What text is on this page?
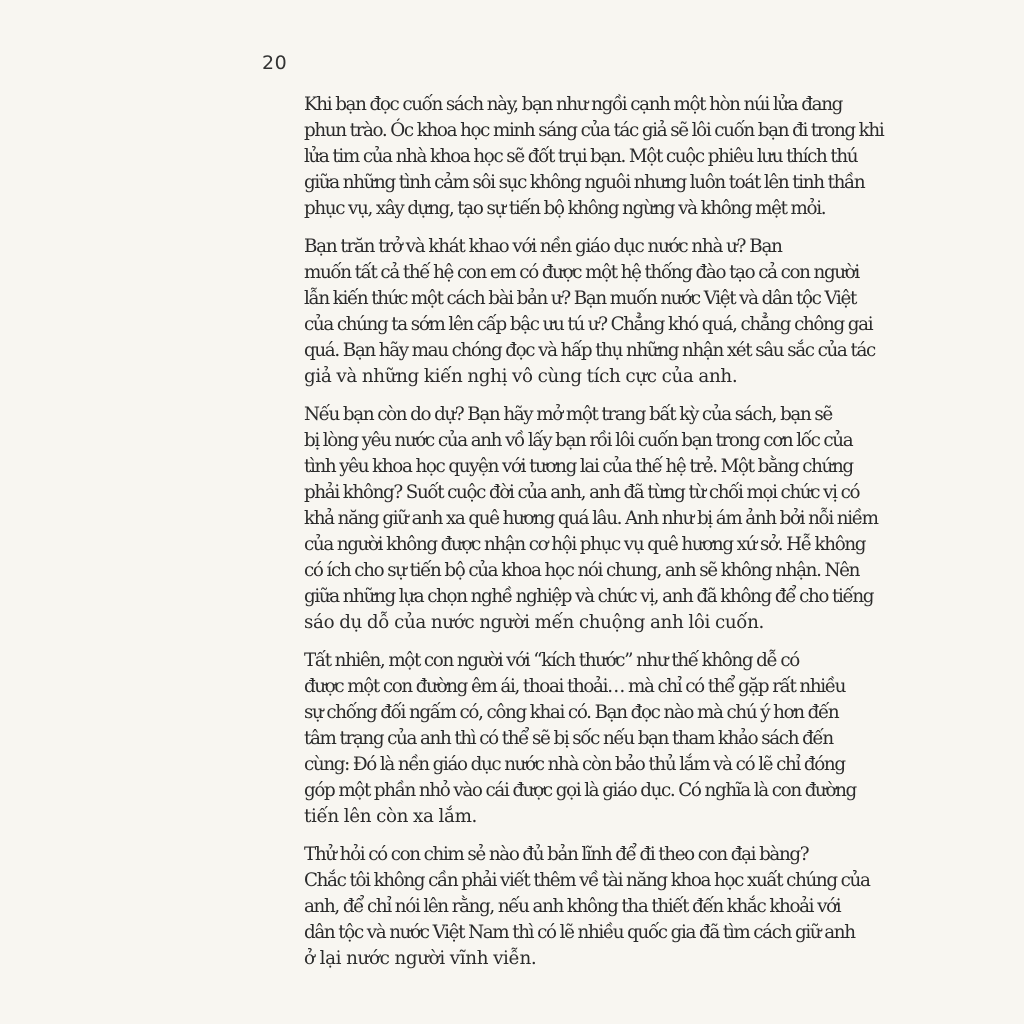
20

Khi bạn đọc cuốn sách này, bạn như ngồi cạnh một hòn núi lửa đang
phun trào. Óc khoa học minh sáng của tác giả sẽ lôi cuốn bạn đi trong khi
lửa tim của nhà khoa học sẽ đốt trụi bạn. Một cuộc phiêu lưu thích thú
giữa những tình cảm sôi sục không nguôi nhưng luôn toát lên tinh thần
phục vụ, xây dựng, tạo sự tiến bộ không ngừng và không mệt mỏi.

Bạn trăn trở và khát khao với nền giáo dục nước nhà ư? Bạn
muốn tất cả thế hệ con em có được một hệ thống đào tạo cả con người
lẫn kiến thức một cách bài bản ư? Bạn muốn nước Việt và dân tộc Việt
của chúng ta sớm lên cấp bậc ưu tú ư? Chẳng khó quá, chẳng chông gai
quá. Bạn hãy mau chóng đọc và hấp thụ những nhận xét sâu sắc của tác
giả và những kiến nghị vô cùng tích cực của anh.

Nếu bạn còn do dự? Bạn hãy mở một trang bất kỳ của sách, bạn sẽ
bị lòng yêu nước của anh vồ lấy bạn rồi lôi cuốn bạn trong cơn lốc của
tình yêu khoa học quyện với tương lai của thế hệ trẻ. Một bằng chứng
phải không? Suốt cuộc đời của anh, anh đã từng từ chối mọi chức vị có
khả năng giữ anh xa quê hương quá lâu. Anh như bị ám ảnh bởi nỗi niềm
của người không được nhận cơ hội phục vụ quê hương xứ sở. Hễ không
có ích cho sự tiến bộ của khoa học nói chung, anh sẽ không nhận. Nên
giữa những lựa chọn nghề nghiệp và chức vị, anh đã không để cho tiếng
sáo dụ dỗ của nước người mến chuộng anh lôi cuốn.

Tất nhiên, một con người với “kích thước” như thế không dễ có
được một con đường êm ái, thoai thoải… mà chỉ có thể gặp rất nhiều
sự chống đối ngấm có, công khai có. Bạn đọc nào mà chú ý hơn đến
tâm trạng của anh thì có thể sẽ bị sốc nếu bạn tham khảo sách đến
cùng: Đó là nền giáo dục nước nhà còn bảo thủ lắm và có lẽ chỉ đóng
góp một phần nhỏ vào cái được gọi là giáo dục. Có nghĩa là con đường
tiến lên còn xa lắm.

Thử hỏi có con chim sẻ nào đủ bản lĩnh để đi theo con đại bàng?
Chắc tôi không cần phải viết thêm về tài năng khoa học xuất chúng của
anh, để chỉ nói lên rằng, nếu anh không tha thiết đến khắc khoải với
dân tộc và nước Việt Nam thì có lẽ nhiều quốc gia đã tìm cách giữ anh
ở lại nước người vĩnh viễn.
